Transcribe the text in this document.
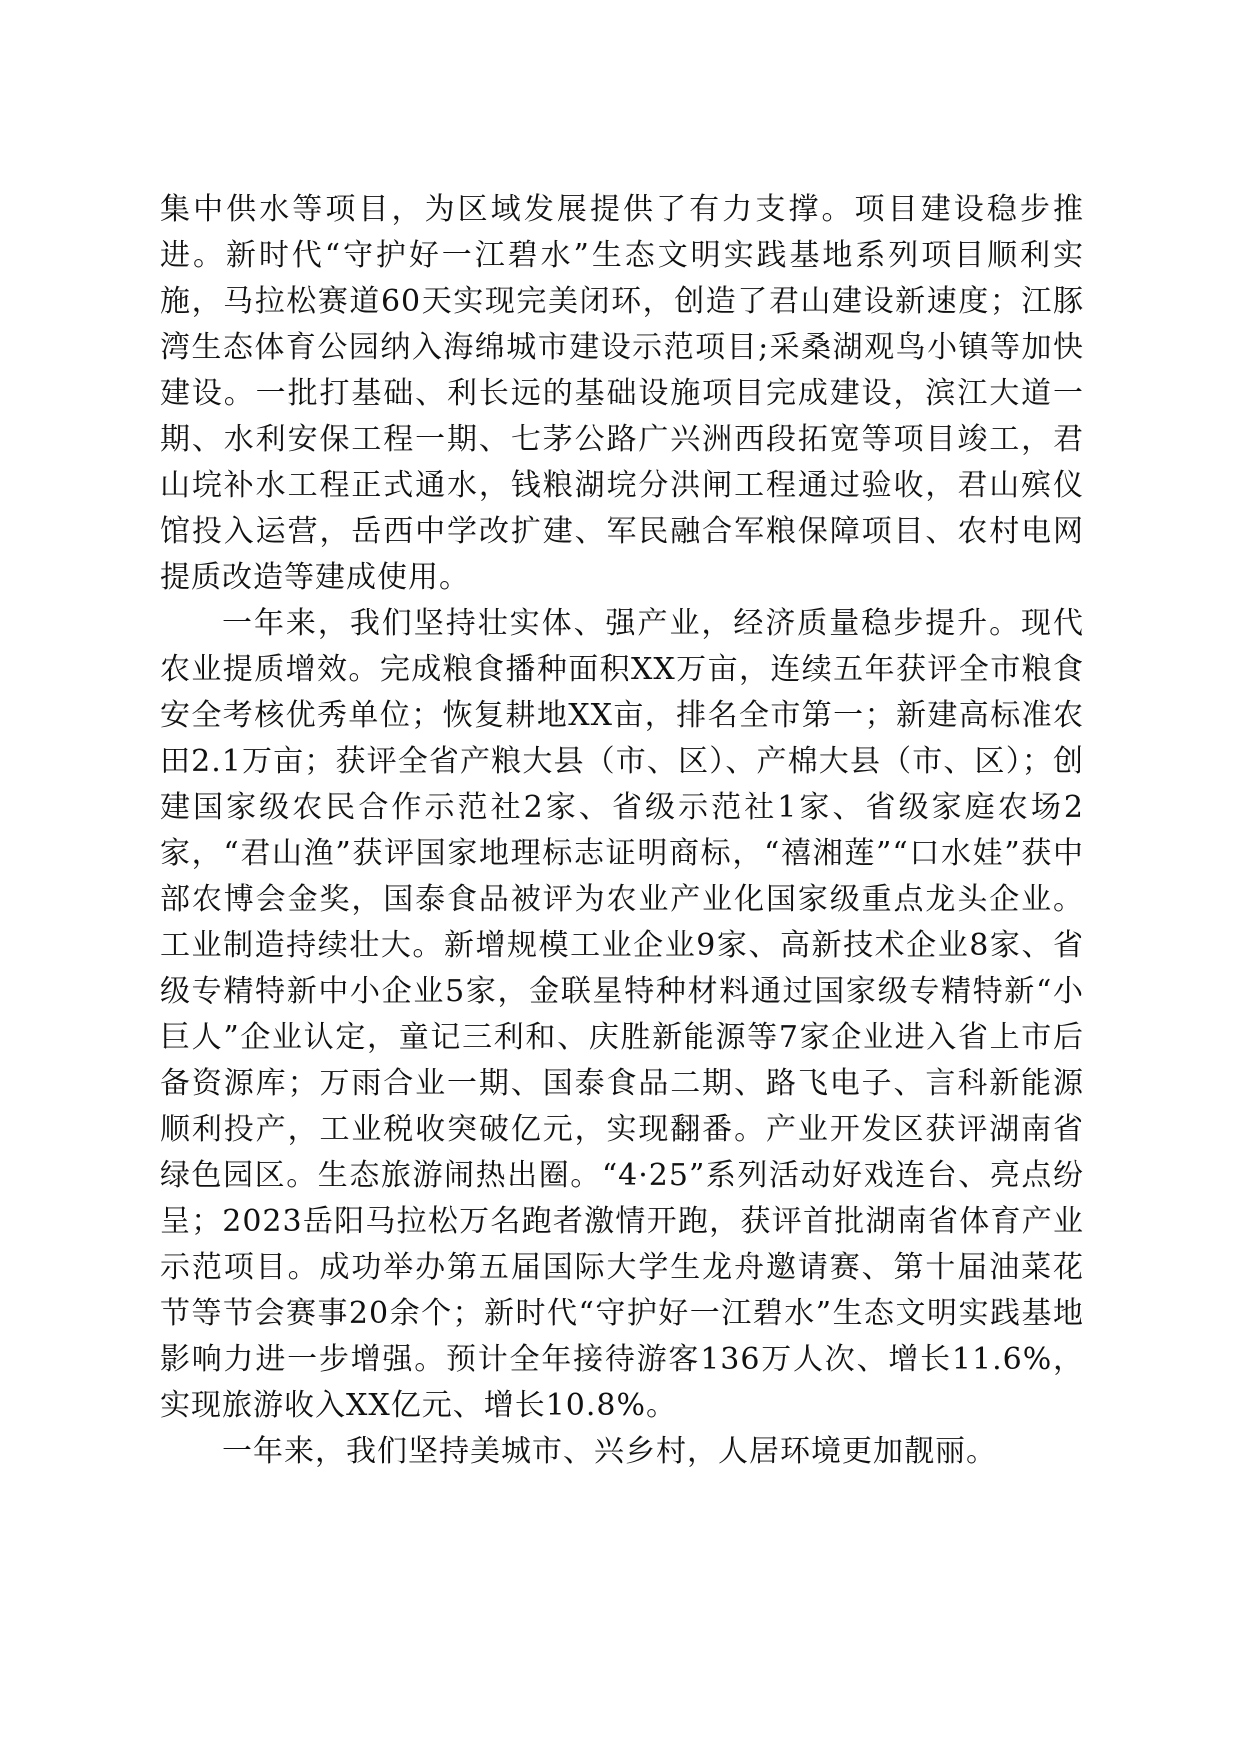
集中供水等项目，为区域发展提供了有力支撑。项目建设稳步推进。新时代“守护好一江碧水”生态文明实践基地系列项目顺利实施，马拉松赛道60天实现完美闭环，创造了君山建设新速度；江豚湾生态体育公园纳入海绵城市建设示范项目;采桑湖观鸟小镇等加快建设。一批打基础、利长远的基础设施项目完成建设，滨江大道一期、水利安保工程一期、七茅公路广兴洲西段拓宽等项目竣工，君山垸补水工程正式通水，钱粮湖垸分洪闸工程通过验收，君山殡仪馆投入运营，岳西中学改扩建、军民融合军粮保障项目、农村电网提质改造等建成使用。

一年来，我们坚持壮实体、强产业，经济质量稳步提升。现代农业提质增效。完成粮食播种面积XX万亩，连续五年获评全市粮食安全考核优秀单位；恢复耕地XX亩，排名全市第一；新建高标准农田2.1万亩；获评全省产粮大县（市、区）、产棉大县（市、区）；创建国家级农民合作示范社2家、省级示范社1家、省级家庭农场2家，“君山渔”获评国家地理标志证明商标，“禧湘莲”“口水娃”获中部农博会金奖，国泰食品被评为农业产业化国家级重点龙头企业。工业制造持续壮大。新增规模工业企业9家、高新技术企业8家、省级专精特新中小企业5家，金联星特种材料通过国家级专精特新“小巨人”企业认定，童记三利和、庆胜新能源等7家企业进入省上市后备资源库；万雨合业一期、国泰食品二期、路飞电子、言科新能源顺利投产，工业税收突破亿元，实现翻番。产业开发区获评湖南省绿色园区。生态旅游闹热出圈。“4·25”系列活动好戏连台、亮点纷呈；2023岳阳马拉松万名跑者激情开跑，获评首批湖南省体育产业示范项目。成功举办第五届国际大学生龙舟邀请赛、第十届油菜花节等节会赛事20余个；新时代“守护好一江碧水”生态文明实践基地影响力进一步增强。预计全年接待游客136万人次、增长11.6%，实现旅游收入XX亿元、增长10.8%。

一年来，我们坚持美城市、兴乡村，人居环境更加靓丽。
